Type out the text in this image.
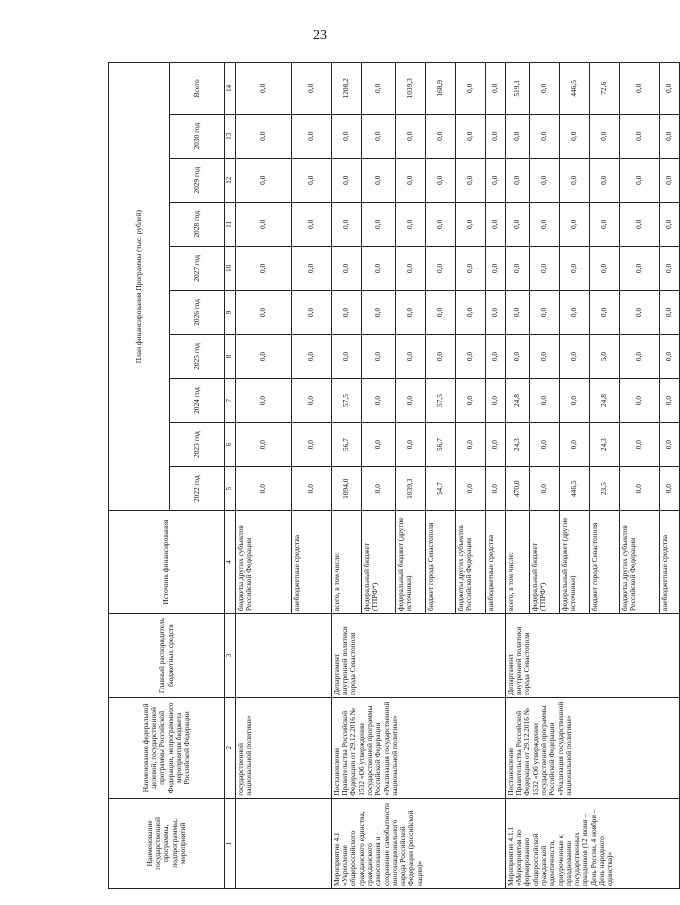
23
Наименование государственной программы, подпрограммы, мероприятий	Наименование федеральной целевой, государственной программы Российской Федерации, непрограммного мероприятия бюджета Российской Федерации	Главный распорядитель бюджетных средств	Источник финансирования	План финансирования Программы (тыс. рублей)									
				2022 год	2023 год	2024 год	2025 год	2026 год	2027 год	2028 год	2029 год	2030 год	Всего
1	2	3	4	5	6	7	8	9	10	11	12	13	14
	государственной национальной политики»		бюджеты других субъектов Российской Федерации	0,0	0,0	0,0	0,0	0,0	0,0	0,0	0,0	0,0	0,0
			внебюджетные средства	0,0	0,0	0,0	0,0	0,0	0,0	0,0	0,0	0,0	0,0
Мероприятие 4.1 «Укрепление общероссийского гражданского единства, гражданского самосознания и сохранение самобытности многонационального народа Российской Федерации (российской нации)»	Постановление Правительства Российской Федерации от 29.12.2016 № 1532 «Об утверждении государственной программы Российской Федерации «Реализация государственной национальной политики»	Департамент внутренней политики города Севастополя	всего, в том числе:	1094,0	56,7	57,5	0,0	0,0	0,0	0,0	0,0	0,0	1208,2
			федеральный бюджет (ТПРФ*)	0,0	0,0	0,0	0,0	0,0	0,0	0,0	0,0	0,0	0,0
			федеральный бюджет (другие источники)	1039,3	0,0	0,0	0,0	0,0	0,0	0,0	0,0	0,0	1039,3
			бюджет города Севастополя	54,7	56,7	57,5	0,0	0,0	0,0	0,0	0,0	0,0	168,9
			бюджеты других субъектов Российской Федерации	0,0	0,0	0,0	0,0	0,0	0,0	0,0	0,0	0,0	0,0
			внебюджетные средства	0,0	0,0	0,0	0,0	0,0	0,0	0,0	0,0	0,0	0,0
Мероприятие 4.1.1 «Мероприятия по формированию общероссийской гражданской идентичности, приуроченные к празднованию государственных праздников (12 июня – День России, 4 ноября – День народного единства)»	Постановление Правительства Российской Федерации от 29.12.2016 № 1532 «Об утверждении государственной программы Российской Федерации «Реализация государственной национальной политики»	Департамент внутренней политики города Севастополя	всего, в том числе:	470,0	24,3	24,8	0,0	0,0	0,0	0,0	0,0	0,0	519,1
			федеральный бюджет (ТПРФ*)	0,0	0,0	0,0	0,0	0,0	0,0	0,0	0,0	0,0	0,0
			федеральный бюджет (другие источники)	446,5	0,0	0,0	0,0	0,0	0,0	0,0	0,0	0,0	446,5
			бюджет города Севастополя	23,5	24,3	24,8	5,0	0,0	0,0	0,0	0,0	0,0	72,6
			бюджеты других субъектов Российской Федерации	0,0	0,0	0,0	0,0	0,0	0,0	0,0	0,0	0,0	0,0
			внебюджетные средства	0,0	0,0	0,0	0,0	0,0	0,0	0,0	0,0	0,0	0,0
